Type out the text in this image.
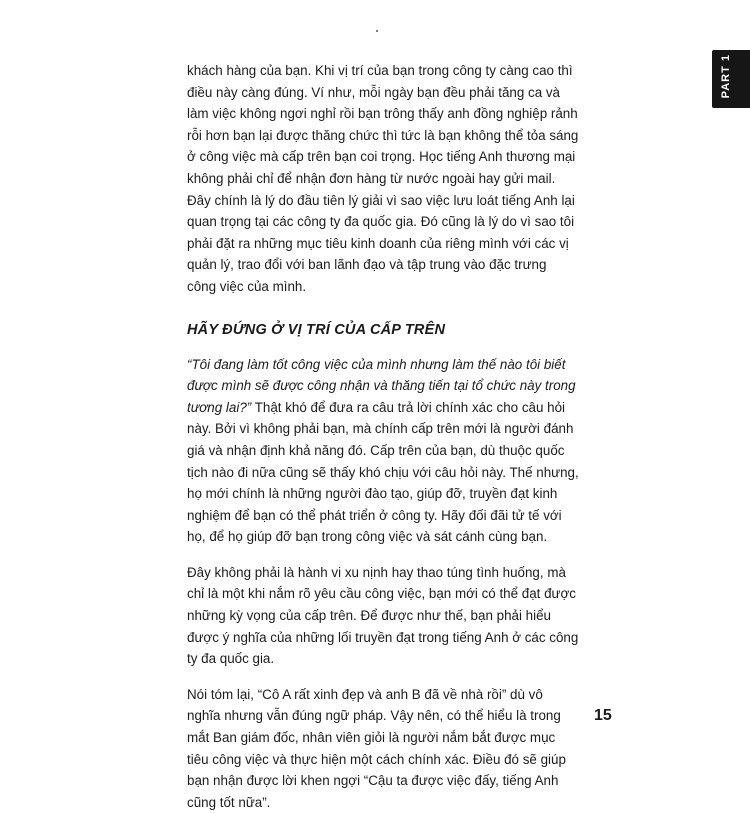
PART 1

khách hàng của bạn. Khi vị trí của bạn trong công ty càng cao thì điều này càng đúng. Ví như, mỗi ngày bạn đều phải tăng ca và làm việc không ngơi nghỉ rồi bạn trông thấy anh đồng nghiệp rảnh rỗi hơn bạn lại được thăng chức thì tức là bạn không thể tỏa sáng ở công việc mà cấp trên bạn coi trọng. Học tiếng Anh thương mại không phải chỉ để nhận đơn hàng từ nước ngoài hay gửi mail. Đây chính là lý do đầu tiên lý giải vì sao việc lưu loát tiếng Anh lại quan trọng tại các công ty đa quốc gia. Đó cũng là lý do vì sao tôi phải đặt ra những mục tiêu kinh doanh của riêng mình với các vị quản lý, trao đổi với ban lãnh đạo và tập trung vào đặc trưng công việc của mình.

HÃY ĐỨNG Ở VỊ TRÍ CỦA CẤP TRÊN

“Tôi đang làm tốt công việc của mình nhưng làm thế nào tôi biết được mình sẽ được công nhận và thăng tiến tại tổ chức này trong tương lai?” Thật khó để đưa ra câu trả lời chính xác cho câu hỏi này. Bởi vì không phải bạn, mà chính cấp trên mới là người đánh giá và nhận định khả năng đó. Cấp trên của bạn, dù thuộc quốc tịch nào đi nữa cũng sẽ thấy khó chịu với câu hỏi này. Thế nhưng, họ mới chính là những người đào tạo, giúp đỡ, truyền đạt kinh nghiệm để bạn có thể phát triển ở công ty. Hãy đối đãi tử tế với họ, để họ giúp đỡ bạn trong công việc và sát cánh cùng bạn.

Đây không phải là hành vi xu nịnh hay thao túng tình huống, mà chỉ là một khi nắm rõ yêu cầu công việc, bạn mới có thể đạt được những kỳ vọng của cấp trên. Để được như thế, bạn phải hiểu được ý nghĩa của những lối truyền đạt trong tiếng Anh ở các công ty đa quốc gia.

Nói tóm lại, “Cô A rất xinh đẹp và anh B đã về nhà rồi” dù vô nghĩa nhưng vẫn đúng ngữ pháp. Vậy nên, có thể hiểu là trong mắt Ban giám đốc, nhân viên giỏi là người nắm bắt được mục tiêu công việc và thực hiện một cách chính xác. Điều đó sẽ giúp bạn nhận được lời khen ngợi “Cậu ta được việc đấy, tiếng Anh cũng tốt nữa”.

15
